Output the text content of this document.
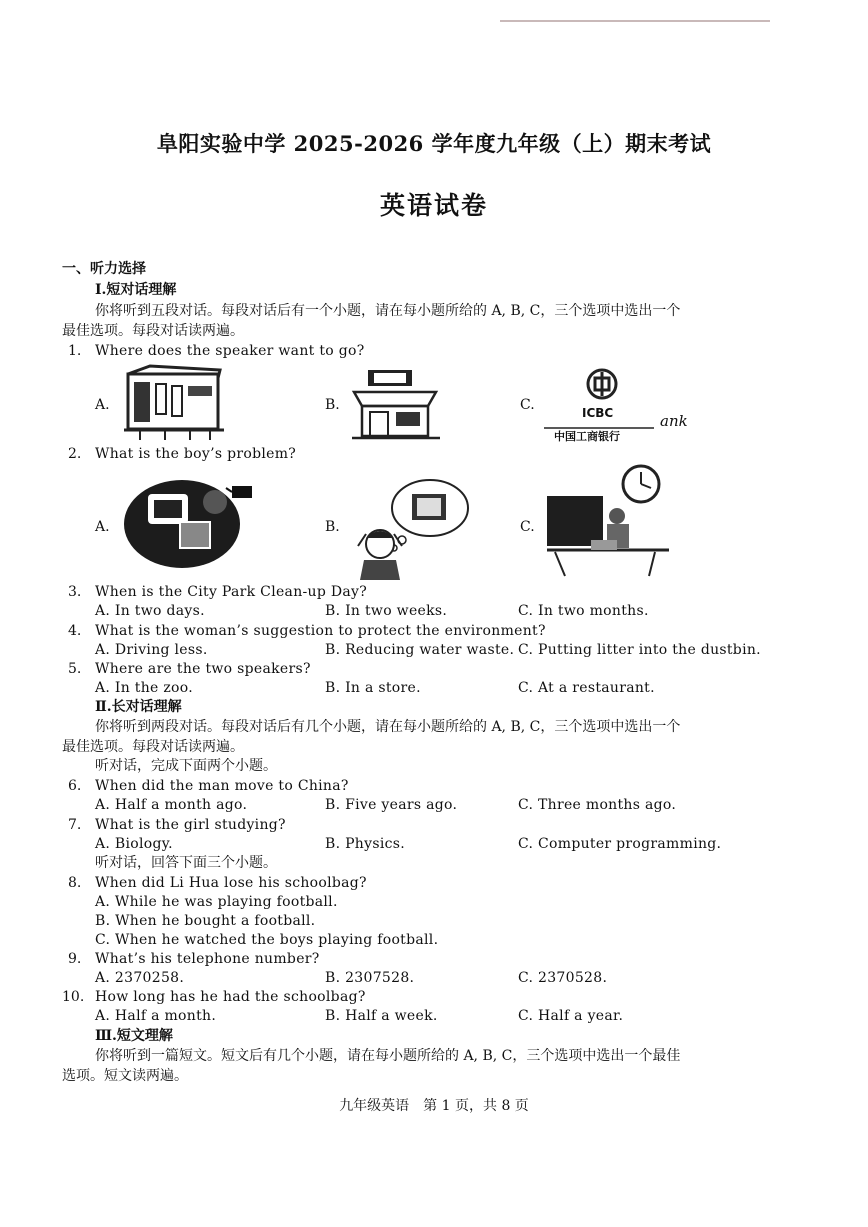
阜阳实验中学 2025-2026 学年度九年级（上）期末考试
英语试卷
一、听力选择
Ⅰ.短对话理解
你将听到五段对话。每段对话后有一个小题，请在每小题所给的 A, B, C，三个选项中选出一个
最佳选项。每段对话读两遍。
1. Where does the speaker want to go?
A.	B.	C.	ICBC
中国工商银行
ank
2. What is the boy’s problem?
A.	B.	C.
3. When is the City Park Clean-up Day?
A. In two days.	B. In two weeks.	C. In two months.
4. What is the woman’s suggestion to protect the environment?
A. Driving less.	B. Reducing water waste. C. Putting litter into the dustbin.
5. Where are the two speakers?
A. In the zoo.	B. In a store.	C. At a restaurant.
Ⅱ.长对话理解
你将听到两段对话。每段对话后有几个小题，请在每小题所给的 A, B, C，三个选项中选出一个
最佳选项。每段对话读两遍。
听对话，完成下面两个小题。
6. When did the man move to China?
A. Half a month ago.	B. Five years ago.	C. Three months ago.
7. What is the girl studying?
A. Biology.	B. Physics.	C. Computer programming.
听对话，回答下面三个小题。
8. When did Li Hua lose his schoolbag?
A. While he was playing football.
B. When he bought a football.
C. When he watched the boys playing football.
9. What’s his telephone number?
A. 2370258.	B. 2307528.	C. 2370528.
10. How long has he had the schoolbag?
A. Half a month.	B. Half a week.	C. Half a year.
Ⅲ.短文理解
你将听到一篇短文。短文后有几个小题，请在每小题所给的 A, B, C，三个选项中选出一个最佳
选项。短文读两遍。
九年级英语　第 1 页，共 8 页
